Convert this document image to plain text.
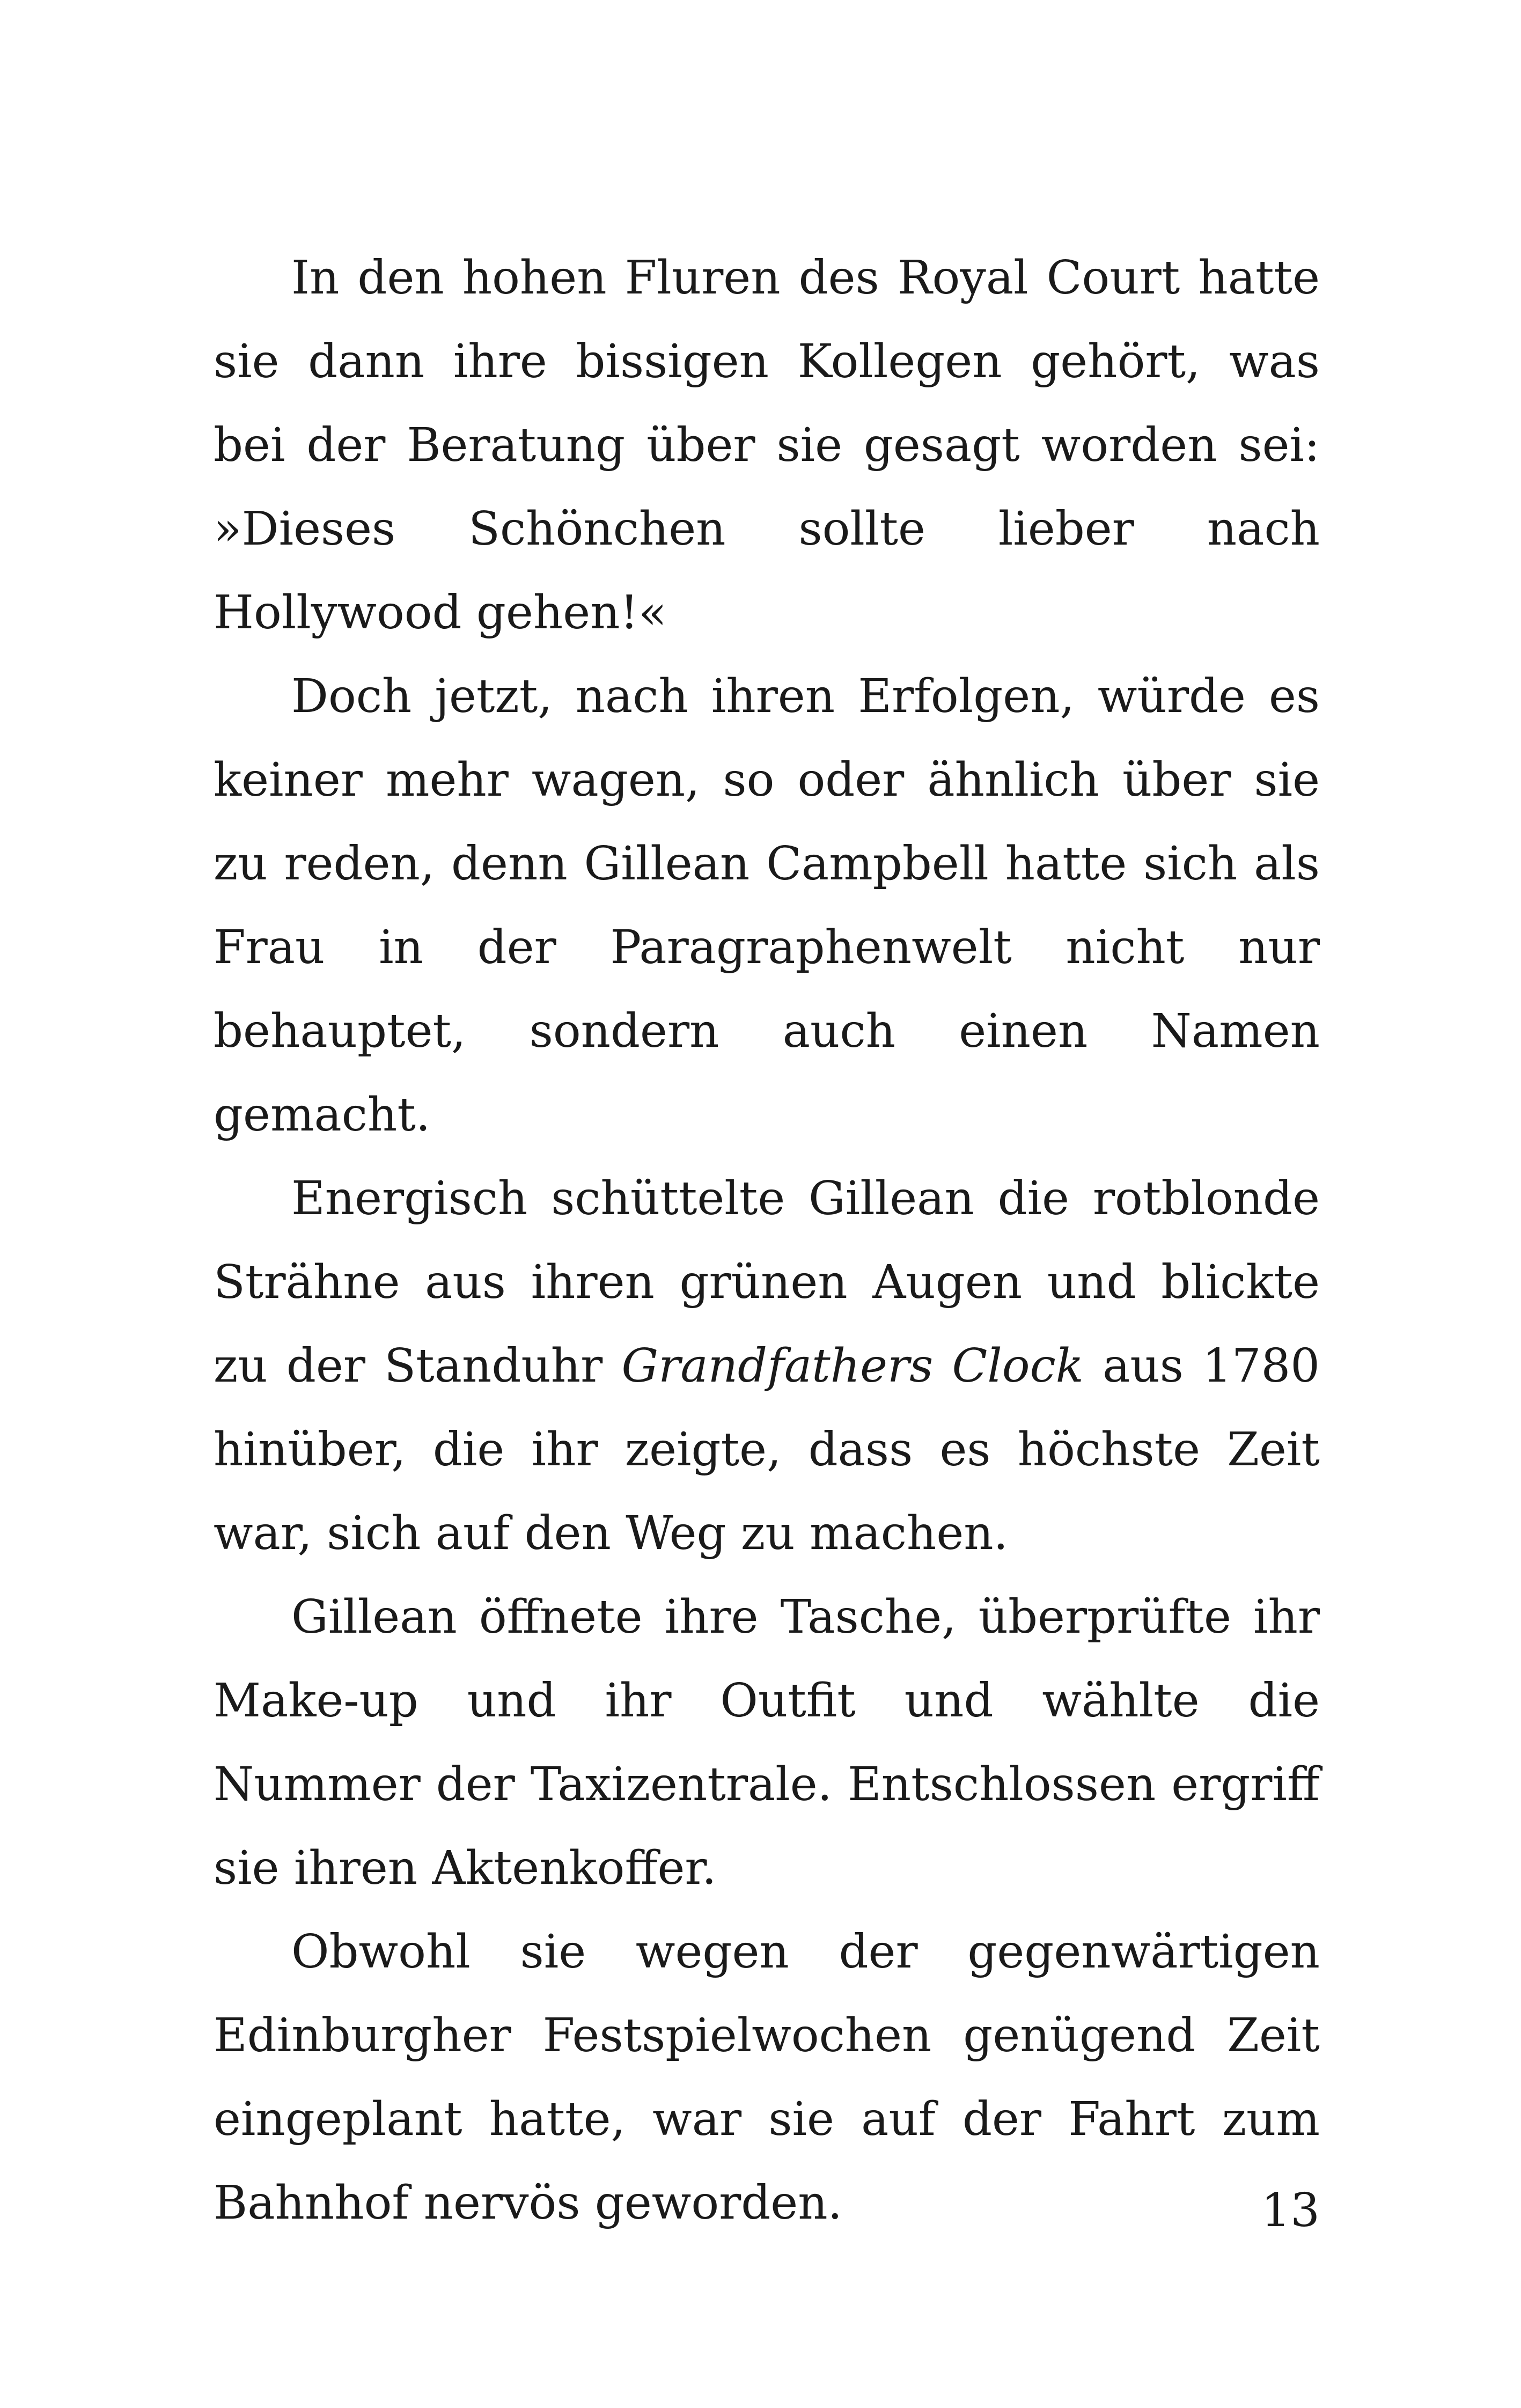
In den hohen Fluren des Royal Court hatte sie dann ihre bissigen Kollegen gehört, was bei der Beratung über sie gesagt worden sei: »Dieses Schönchen sollte lieber nach Hollywood gehen!«

Doch jetzt, nach ihren Erfolgen, würde es keiner mehr wagen, so oder ähnlich über sie zu reden, denn Gillean Campbell hatte sich als Frau in der Paragraphenwelt nicht nur behauptet, sondern auch einen Namen gemacht.

Energisch schüttelte Gillean die rotblonde Strähne aus ihren grünen Augen und blickte zu der Standuhr Grandfathers Clock aus 1780 hinüber, die ihr zeigte, dass es höchste Zeit war, sich auf den Weg zu machen.

Gillean öffnete ihre Tasche, überprüfte ihr Make-up und ihr Outfit und wählte die Nummer der Taxizentrale. Entschlossen ergriff sie ihren Aktenkoffer.

Obwohl sie wegen der gegenwärtigen Edinburgher Festspielwochen genügend Zeit eingeplant hatte, war sie auf der Fahrt zum Bahnhof nervös geworden.	13
